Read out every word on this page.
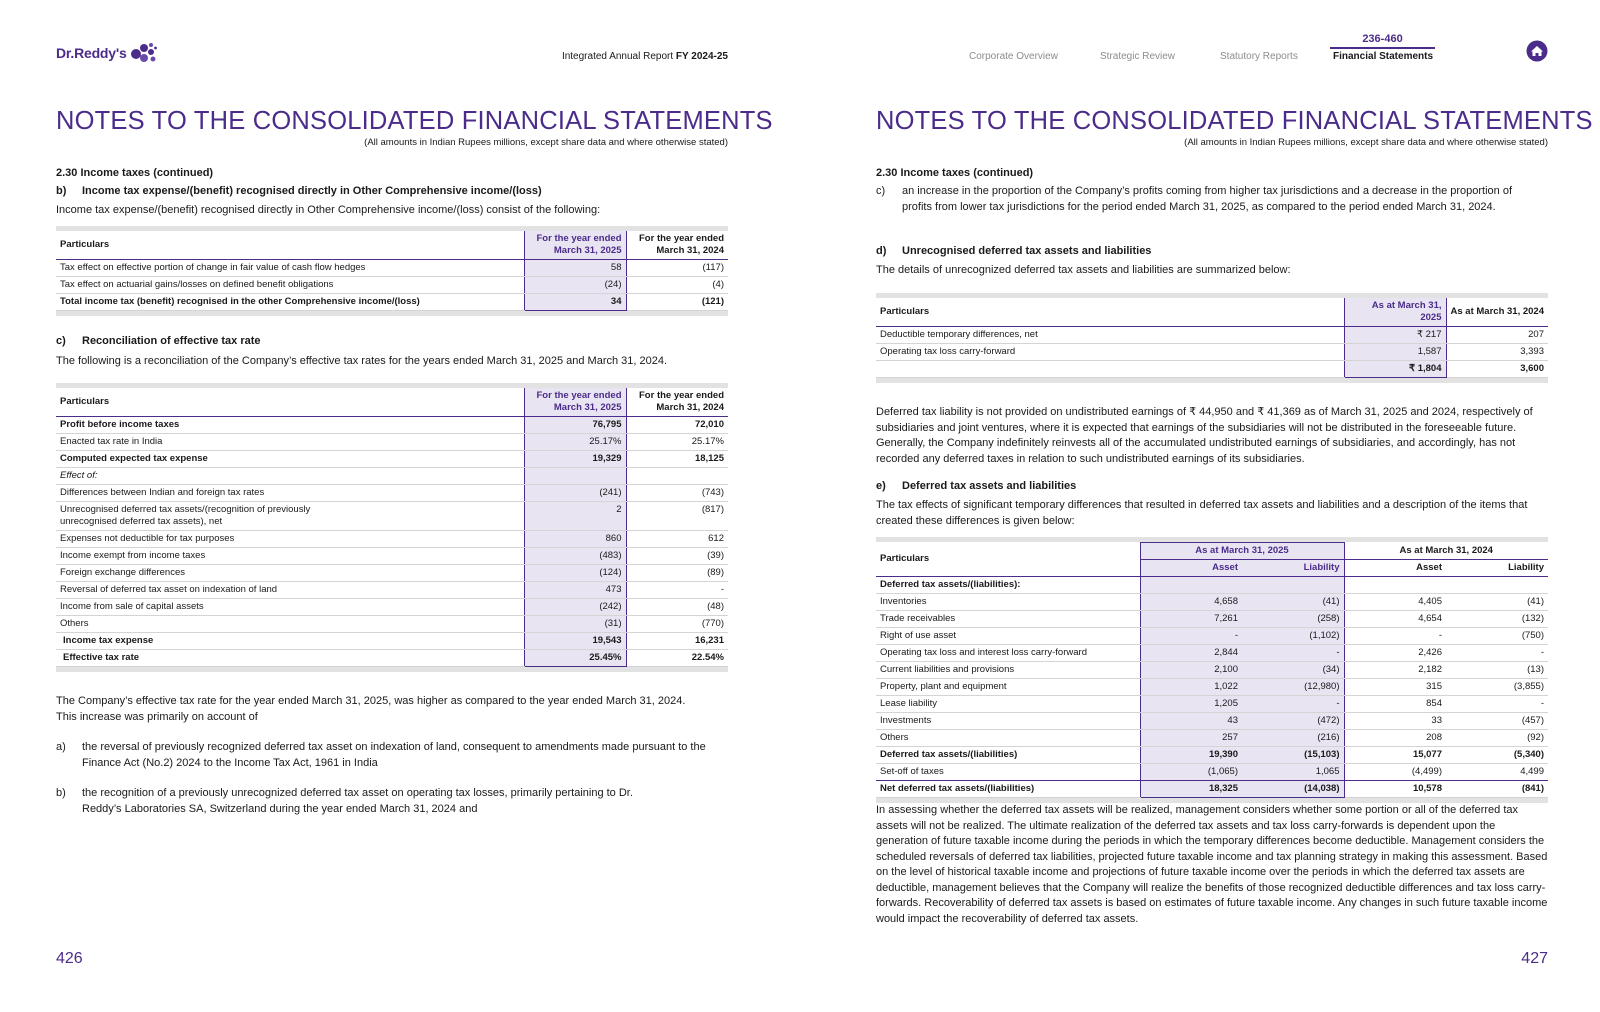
Dr.Reddy's	Integrated Annual Report FY 2024-25
NOTES TO THE CONSOLIDATED FINANCIAL STATEMENTS
(All amounts in Indian Rupees millions, except share data and where otherwise stated)
2.30 Income taxes (continued)
b)	Income tax expense/(benefit) recognised directly in Other Comprehensive income/(loss)
Income tax expense/(benefit) recognised directly in Other Comprehensive income/(loss) consist of the following:
Particulars	For the year ended March 31, 2025	For the year ended March 31, 2024
Tax effect on effective portion of change in fair value of cash flow hedges	58	(117)
Tax effect on actuarial gains/losses on defined benefit obligations	(24)	(4)
Total income tax (benefit) recognised in the other Comprehensive income/(loss)	34	(121)
c)	Reconciliation of effective tax rate
The following is a reconciliation of the Company’s effective tax rates for the years ended March 31, 2025 and March 31, 2024.
Particulars	For the year ended March 31, 2025	For the year ended March 31, 2024
Profit before income taxes	76,795	72,010
Enacted tax rate in India	25.17%	25.17%
Computed expected tax expense	19,329	18,125
Effect of:		
Differences between Indian and foreign tax rates	(241)	(743)
Unrecognised deferred tax assets/(recognition of previously unrecognised deferred tax assets), net	2	(817)
Expenses not deductible for tax purposes	860	612
Income exempt from income taxes	(483)	(39)
Foreign exchange differences	(124)	(89)
Reversal of deferred tax asset on indexation of land	473	-
Income from sale of capital assets	(242)	(48)
Others	(31)	(770)
Income tax expense	19,543	16,231
Effective tax rate	25.45%	22.54%
The Company’s effective tax rate for the year ended March 31, 2025, was higher as compared to the year ended March 31, 2024. This increase was primarily on account of
a)	the reversal of previously recognized deferred tax asset on indexation of land, consequent to amendments made pursuant to the Finance Act (No.2) 2024 to the Income Tax Act, 1961 in India
b)	the recognition of a previously unrecognized deferred tax asset on operating tax losses, primarily pertaining to Dr. Reddy’s Laboratories SA, Switzerland during the year ended March 31, 2024 and
426
Corporate Overview	Strategic Review	Statutory Reports
236-460
Financial Statements
NOTES TO THE CONSOLIDATED FINANCIAL STATEMENTS
(All amounts in Indian Rupees millions, except share data and where otherwise stated)
2.30 Income taxes (continued)
c)	an increase in the proportion of the Company’s profits coming from higher tax jurisdictions and a decrease in the proportion of profits from lower tax jurisdictions for the period ended March 31, 2025, as compared to the period ended March 31, 2024.
d)	Unrecognised deferred tax assets and liabilities
The details of unrecognized deferred tax assets and liabilities are summarized below:
Particulars	As at March 31, 2025	As at March 31, 2024
Deductible temporary differences, net	₹ 217	207
Operating tax loss carry-forward	1,587	3,393
	₹ 1,804	3,600
Deferred tax liability is not provided on undistributed earnings of ₹ 44,950 and ₹ 41,369 as of March 31, 2025 and 2024, respectively of subsidiaries and joint ventures, where it is expected that earnings of the subsidiaries will not be distributed in the foreseeable future. Generally, the Company indefinitely reinvests all of the accumulated undistributed earnings of subsidiaries, and accordingly, has not recorded any deferred taxes in relation to such undistributed earnings of its subsidiaries.
e)	Deferred tax assets and liabilities
The tax effects of significant temporary differences that resulted in deferred tax assets and liabilities and a description of the items that created these differences is given below:
Particulars	As at March 31, 2025		As at March 31, 2024	
	Asset	Liability	Asset	Liability
Deferred tax assets/(liabilities):				
Inventories	4,658	(41)	4,405	(41)
Trade receivables	7,261	(258)	4,654	(132)
Right of use asset	-	(1,102)	-	(750)
Operating tax loss and interest loss carry-forward	2,844	-	2,426	-
Current liabilities and provisions	2,100	(34)	2,182	(13)
Property, plant and equipment	1,022	(12,980)	315	(3,855)
Lease liability	1,205	-	854	-
Investments	43	(472)	33	(457)
Others	257	(216)	208	(92)
Deferred tax assets/(liabilities)	19,390	(15,103)	15,077	(5,340)
Set-off of taxes	(1,065)	1,065	(4,499)	4,499
Net deferred tax assets/(liabilities)	18,325	(14,038)	10,578	(841)
In assessing whether the deferred tax assets will be realized, management considers whether some portion or all of the deferred tax assets will not be realized. The ultimate realization of the deferred tax assets and tax loss carry-forwards is dependent upon the generation of future taxable income during the periods in which the temporary differences become deductible. Management considers the scheduled reversals of deferred tax liabilities, projected future taxable income and tax planning strategy in making this assessment. Based on the level of historical taxable income and projections of future taxable income over the periods in which the deferred tax assets are deductible, management believes that the Company will realize the benefits of those recognized deductible differences and tax loss carry-forwards. Recoverability of deferred tax assets is based on estimates of future taxable income. Any changes in such future taxable income would impact the recoverability of deferred tax assets.
427
